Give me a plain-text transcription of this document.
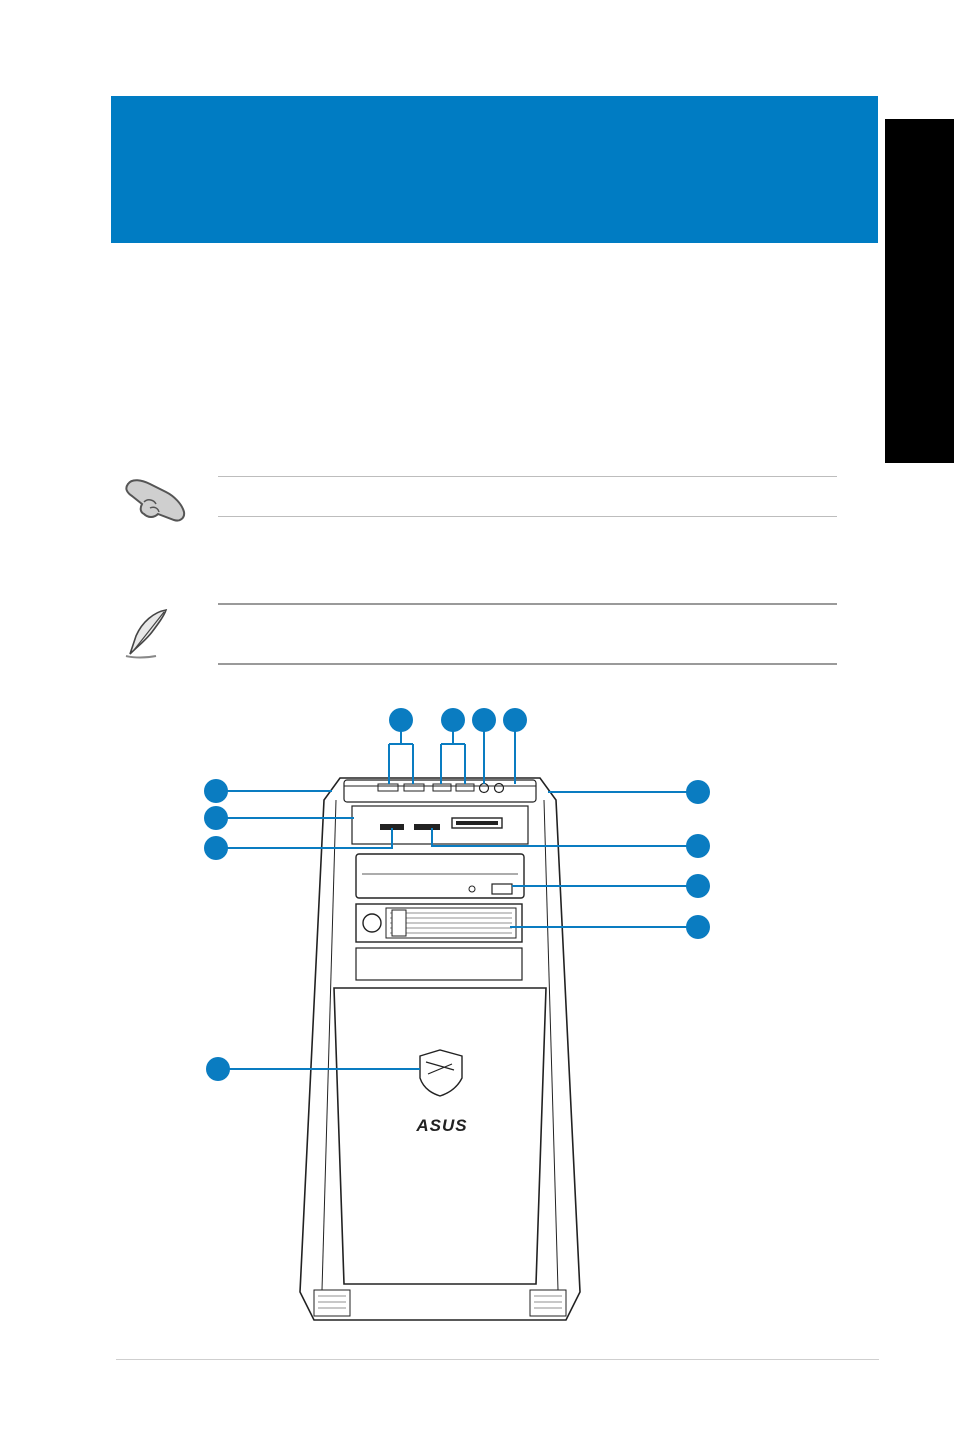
ASUS
